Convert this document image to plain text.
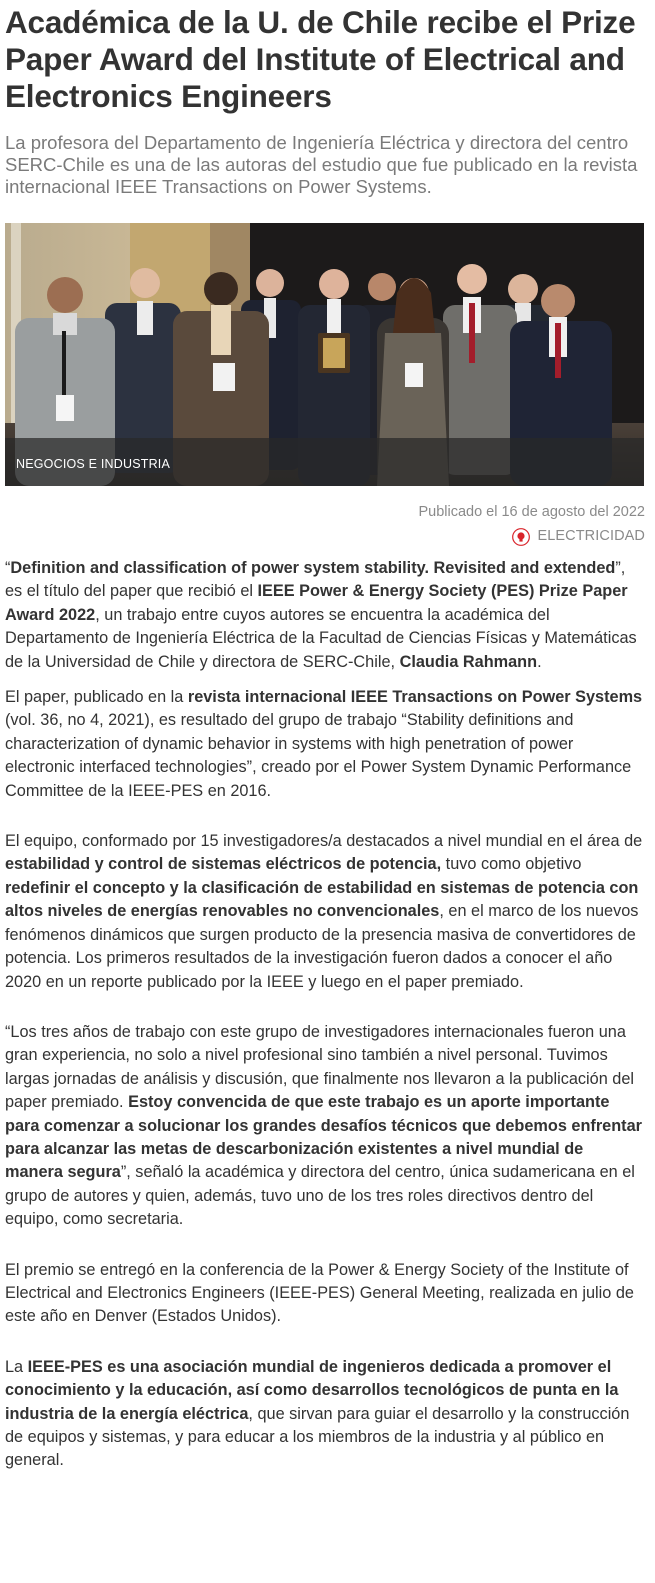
Académica de la U. de Chile recibe el Prize Paper Award del Institute of Electrical and Electronics Engineers

La profesora del Departamento de Ingeniería Eléctrica y directora del centro SERC-Chile es una de las autoras del estudio que fue publicado en la revista internacional IEEE Transactions on Power Systems.

NEGOCIOS E INDUSTRIA
Publicado el 16 de agosto del 2022
ELECTRICIDAD

“Definition and classification of power system stability. Revisited and extended”, es el título del paper que recibió el IEEE Power & Energy Society (PES) Prize Paper Award 2022, un trabajo entre cuyos autores se encuentra la académica del Departamento de Ingeniería Eléctrica de la Facultad de Ciencias Físicas y Matemáticas de la Universidad de Chile y directora de SERC-Chile, Claudia Rahmann.

El paper, publicado en la revista internacional IEEE Transactions on Power Systems (vol. 36, no 4, 2021), es resultado del grupo de trabajo “Stability definitions and characterization of dynamic behavior in systems with high penetration of power electronic interfaced technologies”, creado por el Power System Dynamic Performance Committee de la IEEE-PES en 2016.

El equipo, conformado por 15 investigadores/a destacados a nivel mundial en el área de estabilidad y control de sistemas eléctricos de potencia, tuvo como objetivo redefinir el concepto y la clasificación de estabilidad en sistemas de potencia con altos niveles de energías renovables no convencionales, en el marco de los nuevos fenómenos dinámicos que surgen producto de la presencia masiva de convertidores de potencia. Los primeros resultados de la investigación fueron dados a conocer el año 2020 en un reporte publicado por la IEEE y luego en el paper premiado.

“Los tres años de trabajo con este grupo de investigadores internacionales fueron una gran experiencia, no solo a nivel profesional sino también a nivel personal. Tuvimos largas jornadas de análisis y discusión, que finalmente nos llevaron a la publicación del paper premiado. Estoy convencida de que este trabajo es un aporte importante para comenzar a solucionar los grandes desafíos técnicos que debemos enfrentar para alcanzar las metas de descarbonización existentes a nivel mundial de manera segura”, señaló la académica y directora del centro, única sudamericana en el grupo de autores y quien, además, tuvo uno de los tres roles directivos dentro del equipo, como secretaria.

El premio se entregó en la conferencia de la Power & Energy Society of the Institute of Electrical and Electronics Engineers (IEEE-PES) General Meeting, realizada en julio de este año en Denver (Estados Unidos).

La IEEE-PES es una asociación mundial de ingenieros dedicada a promover el conocimiento y la educación, así como desarrollos tecnológicos de punta en la industria de la energía eléctrica, que sirvan para guiar el desarrollo y la construcción de equipos y sistemas, y para educar a los miembros de la industria y al público en general.
